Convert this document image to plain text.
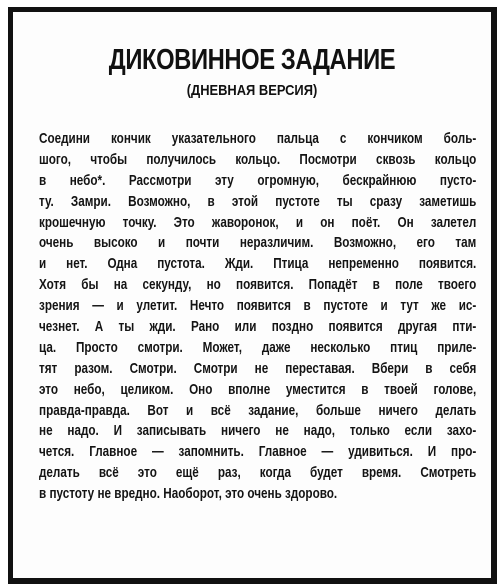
ДИКОВИННОЕ ЗАДАНИЕ
(ДНЕВНАЯ ВЕРСИЯ)
Соедини кончик указательного пальца с кончиком боль-
шого, чтобы получилось кольцо. Посмотри сквозь кольцо
в небо*. Рассмотри эту огромную, бескрайнюю пусто-
ту. Замри. Возможно, в этой пустоте ты сразу заметишь
крошечную точку. Это жаворонок, и он поёт. Он залетел
очень высоко и почти неразличим. Возможно, его там
и нет. Одна пустота. Жди. Птица непременно появится.
Хотя бы на секунду, но появится. Попадёт в поле твоего
зрения — и улетит. Нечто появится в пустоте и тут же ис-
чезнет. А ты жди. Рано или поздно появится другая пти-
ца. Просто смотри. Может, даже несколько птиц приле-
тят разом. Смотри. Смотри не переставая. Вбери в себя
это небо, целиком. Оно вполне уместится в твоей голове,
правда-правда. Вот и всё задание, больше ничего делать
не надо. И записывать ничего не надо, только если захо-
чется. Главное — запомнить. Главное — удивиться. И про-
делать всё это ещё раз, когда будет время. Смотреть
в пустоту не вредно. Наоборот, это очень здорово.
